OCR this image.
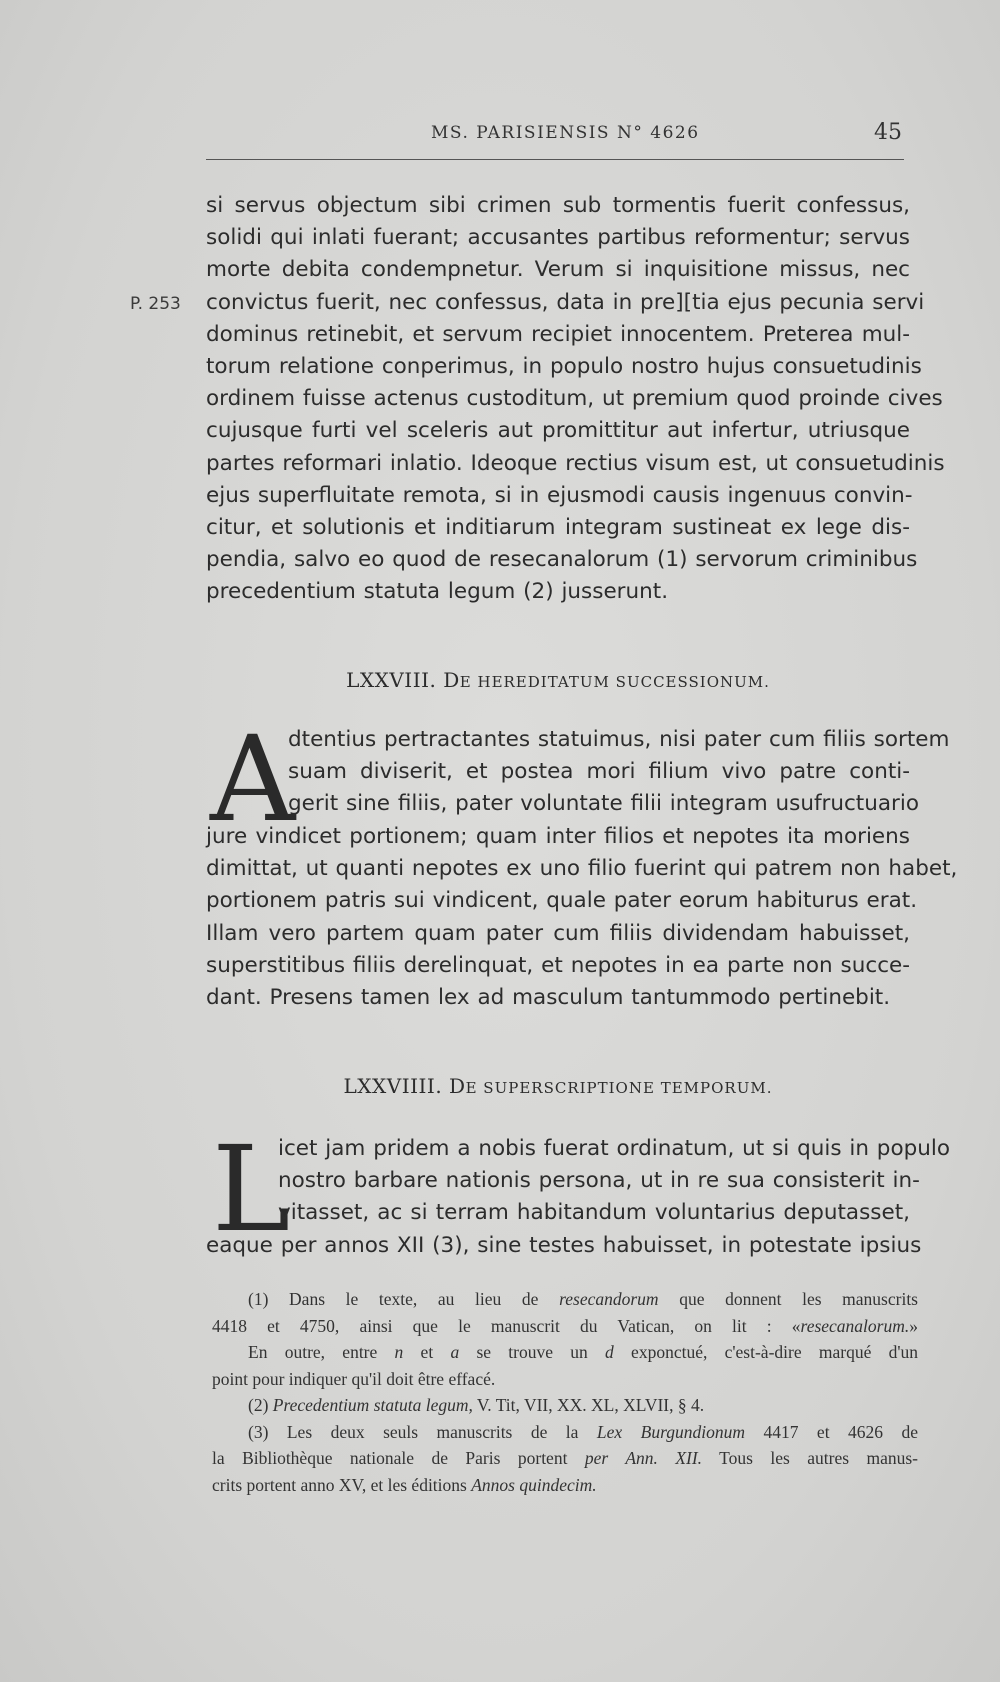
MS. PARISIENSIS N° 4626	45
P. 253
si servus objectum sibi crimen sub tormentis fuerit confessus,
solidi qui inlati fuerant; accusantes partibus reformentur; servus
morte debita condempnetur. Verum si inquisitione missus, nec
convictus fuerit, nec confessus, data in pre][tia ejus pecunia servi
dominus retinebit, et servum recipiet innocentem. Preterea mul-
torum relatione conperimus, in populo nostro hujus consuetudinis
ordinem fuisse actenus custoditum, ut premium quod proinde cives
cujusque furti vel sceleris aut promittitur aut infertur, utriusque
partes reformari inlatio. Ideoque rectius visum est, ut consuetudinis
ejus superfluitate remota, si in ejusmodi causis ingenuus convin-
citur, et solutionis et inditiarum integram sustineat ex lege dis-
pendia, salvo eo quod de resecanalorum (1) servorum criminibus
precedentium statuta legum (2) jusserunt.
LXXVIII. DE HEREDITATUM SUCCESSIONUM.
A
dtentius pertractantes statuimus, nisi pater cum filiis sortem
suam diviserit, et postea mori filium vivo patre conti-
gerit sine filiis, pater voluntate filii integram usufructuario
jure vindicet portionem; quam inter filios et nepotes ita moriens
dimittat, ut quanti nepotes ex uno filio fuerint qui patrem non habet,
portionem patris sui vindicent, quale pater eorum habiturus erat.
Illam vero partem quam pater cum filiis dividendam habuisset,
superstitibus filiis derelinquat, et nepotes in ea parte non succe-
dant. Presens tamen lex ad masculum tantummodo pertinebit.
LXXVIIII. DE SUPERSCRIPTIONE TEMPORUM.
L
icet jam pridem a nobis fuerat ordinatum, ut si quis in populo
nostro barbare nationis persona, ut in re sua consisterit in-
vitasset, ac si terram habitandum voluntarius deputasset,
eaque per annos XII (3), sine testes habuisset, in potestate ipsius
(1) Dans le texte, au lieu de resecandorum que donnent les manuscrits
4418 et 4750, ainsi que le manuscrit du Vatican, on lit : «resecanalorum.»
En outre, entre n et a se trouve un d exponctué, c'est-à-dire marqué d'un
point pour indiquer qu'il doit être effacé.
(2) Precedentium statuta legum, V. Tit, VII, XX. XL, XLVII, § 4.
(3) Les deux seuls manuscrits de la Lex Burgundionum 4417 et 4626 de
la Bibliothèque nationale de Paris portent per Ann. XII. Tous les autres manus-
crits portent anno XV, et les éditions Annos quindecim.
